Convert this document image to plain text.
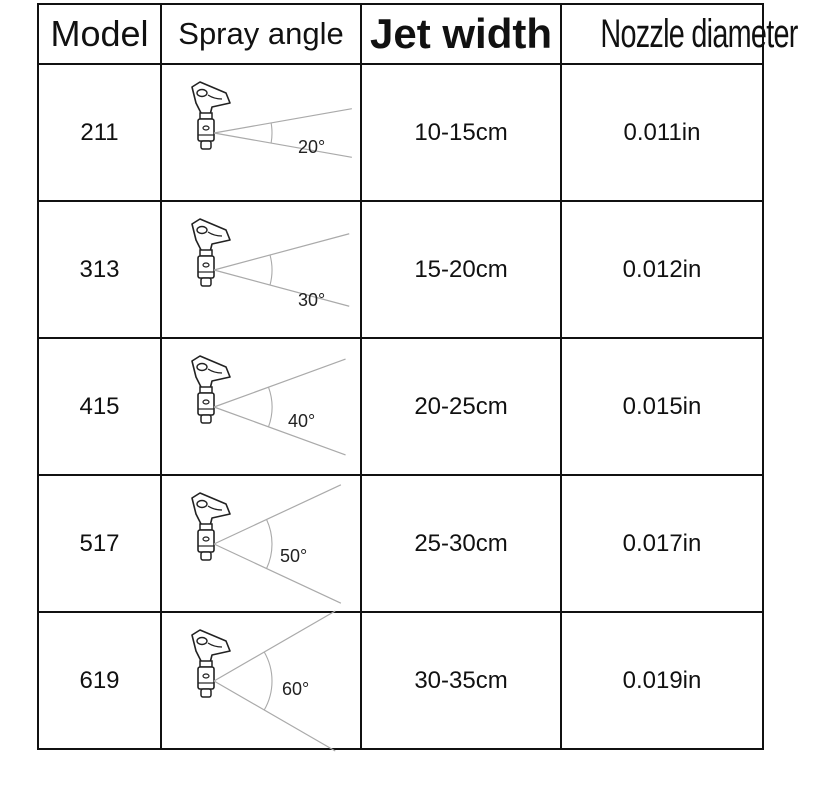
Model	Spray angle	Jet width	Nozzle diameter
211	20°	10-15cm	0.011in
313	30°	15-20cm	0.012in
415	40°	20-25cm	0.015in
517	50°	25-30cm	0.017in
619	60°	30-35cm	0.019in
